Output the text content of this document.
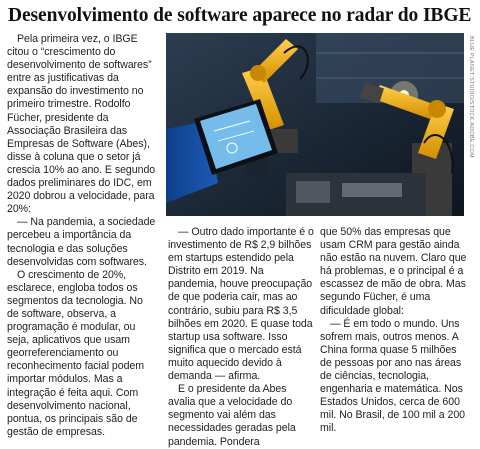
Desenvolvimento de software aparece no radar do IBGE

Pela primeira vez, o IBGE citou o “crescimento do desenvolvimento de softwares” entre as justificativas da expansão do investimento no primeiro trimestre. Rodolfo Fücher, presidente da Associação Brasileira das Empresas de Software (Abes), disse à coluna que o setor já crescia 10% ao ano. E segundo dados preliminares do IDC, em 2020 dobrou a velocidade, para 20%:

— Na pandemia, a sociedade percebeu a importância da tecnologia e das soluções desenvolvidas com softwares.

O crescimento de 20%, esclarece, engloba todos os segmentos da tecnologia. No de software, observa, a programação é modular, ou seja, aplicativos que usam georreferenciamento ou reconhecimento facial podem importar módulos. Mas a integração é feita aqui. Com desenvolvimento nacional, pontua, os principais são de gestão de empresas.

BLUE PLANET STUDIO/STOCK.ADOBE.COM

— Outro dado importante é o investimento de R$ 2,9 bilhões em startups estendido pela Distrito em 2019. Na pandemia, houve preocupação de que poderia cair, mas ao contrário, subiu para R$ 3,5 bilhões em 2020. E quase toda startup usa software. Isso significa que o mercado está muito aquecido devido à demanda — afirma.

E o presidente da Abes avalia que a velocidade do segmento vai além das necessidades geradas pela pandemia. Pondera

que 50% das empresas que usam CRM para gestão ainda não estão na nuvem. Claro que há problemas, e o principal é a escassez de mão de obra. Mas segundo Fücher, é uma dificuldade global:

— É em todo o mundo. Uns sofrem mais, outros menos. A China forma quase 5 milhões de pessoas por ano nas áreas de ciências, tecnologia, engenharia e matemática. Nos Estados Unidos, cerca de 600 mil. No Brasil, de 100 mil a 200 mil.
